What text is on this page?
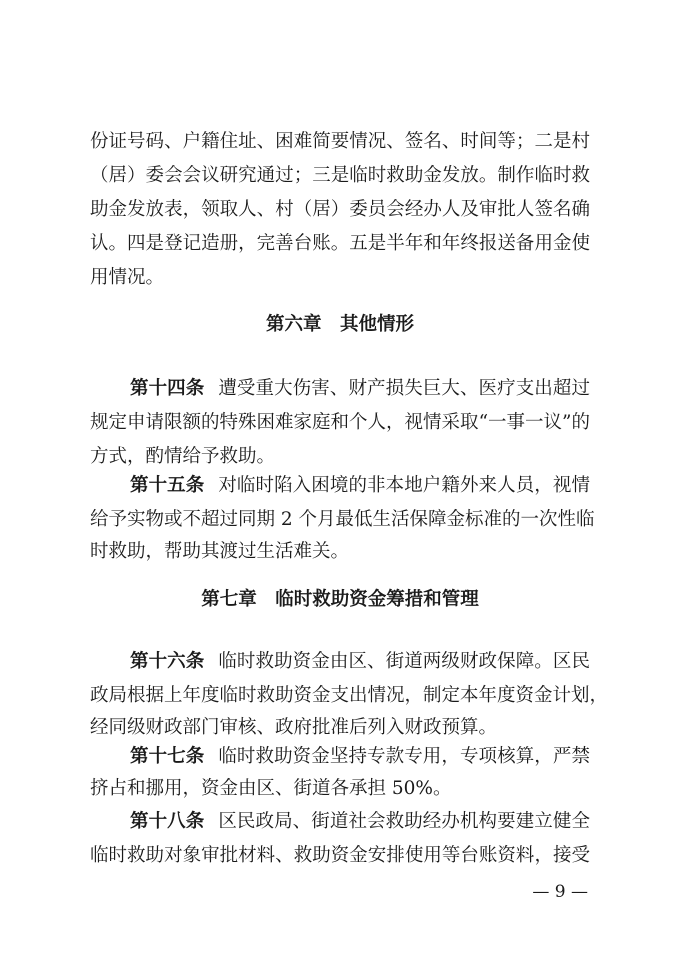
份证号码、户籍住址、困难简要情况、签名、时间等；二是村
（居）委会会议研究通过；三是临时救助金发放。制作临时救
助金发放表，领取人、村（居）委员会经办人及审批人签名确
认。四是登记造册，完善台账。五是半年和年终报送备用金使
用情况。
第六章　其他情形
第十四条 遭受重大伤害、财产损失巨大、医疗支出超过
规定申请限额的特殊困难家庭和个人，视情采取“一事一议”的
方式，酌情给予救助。
第十五条 对临时陷入困境的非本地户籍外来人员，视情
给予实物或不超过同期 2 个月最低生活保障金标准的一次性临
时救助，帮助其渡过生活难关。
第七章　临时救助资金筹措和管理
第十六条 临时救助资金由区、街道两级财政保障。区民
政局根据上年度临时救助资金支出情况，制定本年度资金计划，
经同级财政部门审核、政府批准后列入财政预算。
第十七条 临时救助资金坚持专款专用，专项核算，严禁
挤占和挪用，资金由区、街道各承担 50%。
第十八条 区民政局、街道社会救助经办机构要建立健全
临时救助对象审批材料、救助资金安排使用等台账资料，接受
— 9 —
